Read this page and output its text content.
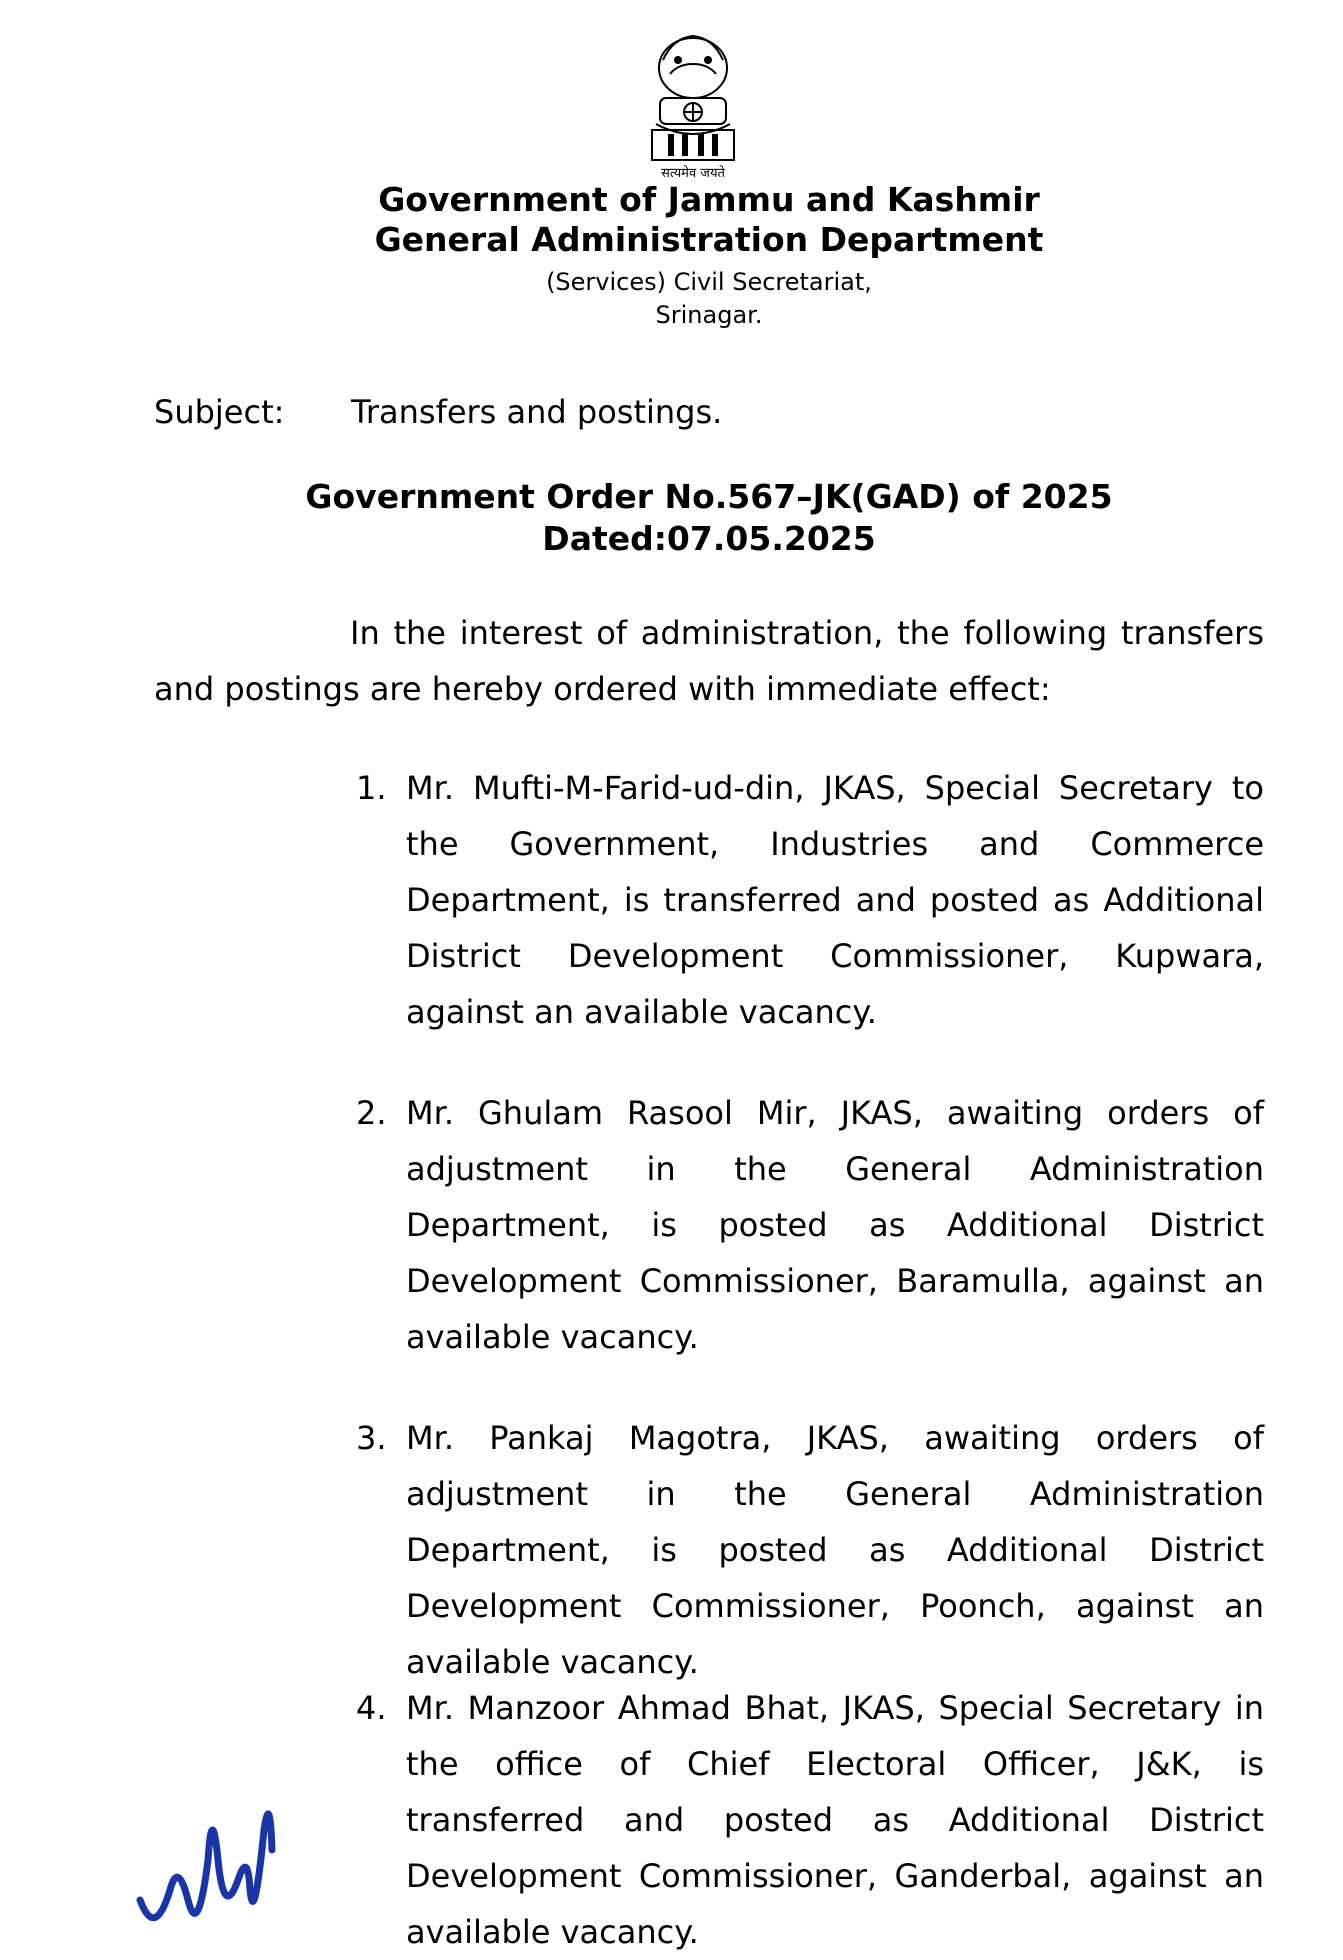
सत्यमेव जयते
Government of Jammu and Kashmir
General Administration Department
(Services) Civil Secretariat,
Srinagar.
Subject: Transfers and postings.
Government Order No.567–JK(GAD) of 2025
Dated:07.05.2025

In the interest of administration, the following transfers and postings are hereby ordered with immediate effect:

1. Mr. Mufti-M-Farid-ud-din, JKAS, Special Secretary to the Government, Industries and Commerce Department, is transferred and posted as Additional District Development Commissioner, Kupwara, against an available vacancy.
2. Mr. Ghulam Rasool Mir, JKAS, awaiting orders of adjustment in the General Administration Department, is posted as Additional District Development Commissioner, Baramulla, against an available vacancy.
3. Mr. Pankaj Magotra, JKAS, awaiting orders of adjustment in the General Administration Department, is posted as Additional District Development Commissioner, Poonch, against an available vacancy.
4. Mr. Manzoor Ahmad Bhat, JKAS, Special Secretary in the office of Chief Electoral Officer, J&K, is transferred and posted as Additional District Development Commissioner, Ganderbal, against an available vacancy.
